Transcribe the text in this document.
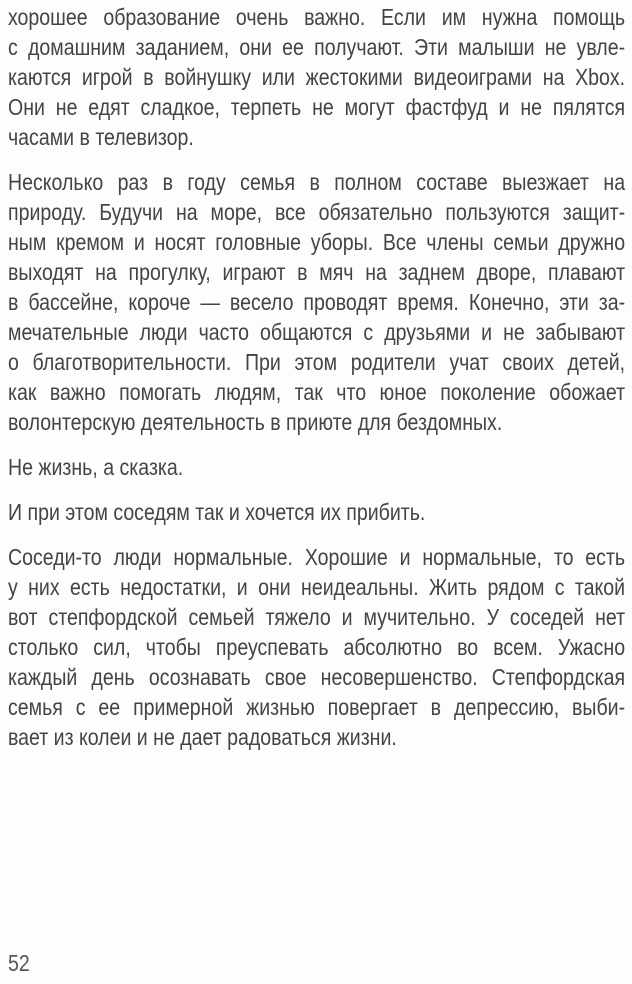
хорошее образование очень важно. Если им нужна помощь
с домашним заданием, они ее получают. Эти малыши не увле-
каются игрой в войнушку или жестокими видеоиграми на Xbox.
Они не едят сладкое, терпеть не могут фастфуд и не пялятся
часами в телевизор.

Несколько раз в году семья в полном составе выезжает на
природу. Будучи на море, все обязательно пользуются защит-
ным кремом и носят головные уборы. Все члены семьи дружно
выходят на прогулку, играют в мяч на заднем дворе, плавают
в бассейне, короче — весело проводят время. Конечно, эти за-
мечательные люди часто общаются с друзьями и не забывают
о благотворительности. При этом родители учат своих детей,
как важно помогать людям, так что юное поколение обожает
волонтерскую деятельность в приюте для бездомных.

Не жизнь, а сказка.

И при этом соседям так и хочется их прибить.

Соседи-то люди нормальные. Хорошие и нормальные, то есть
у них есть недостатки, и они неидеальны. Жить рядом с такой
вот степфордской семьей тяжело и мучительно. У соседей нет
столько сил, чтобы преуспевать абсолютно во всем. Ужасно
каждый день осознавать свое несовершенство. Степфордская
семья с ее примерной жизнью повергает в депрессию, выби-
вает из колеи и не дает радоваться жизни.

52
